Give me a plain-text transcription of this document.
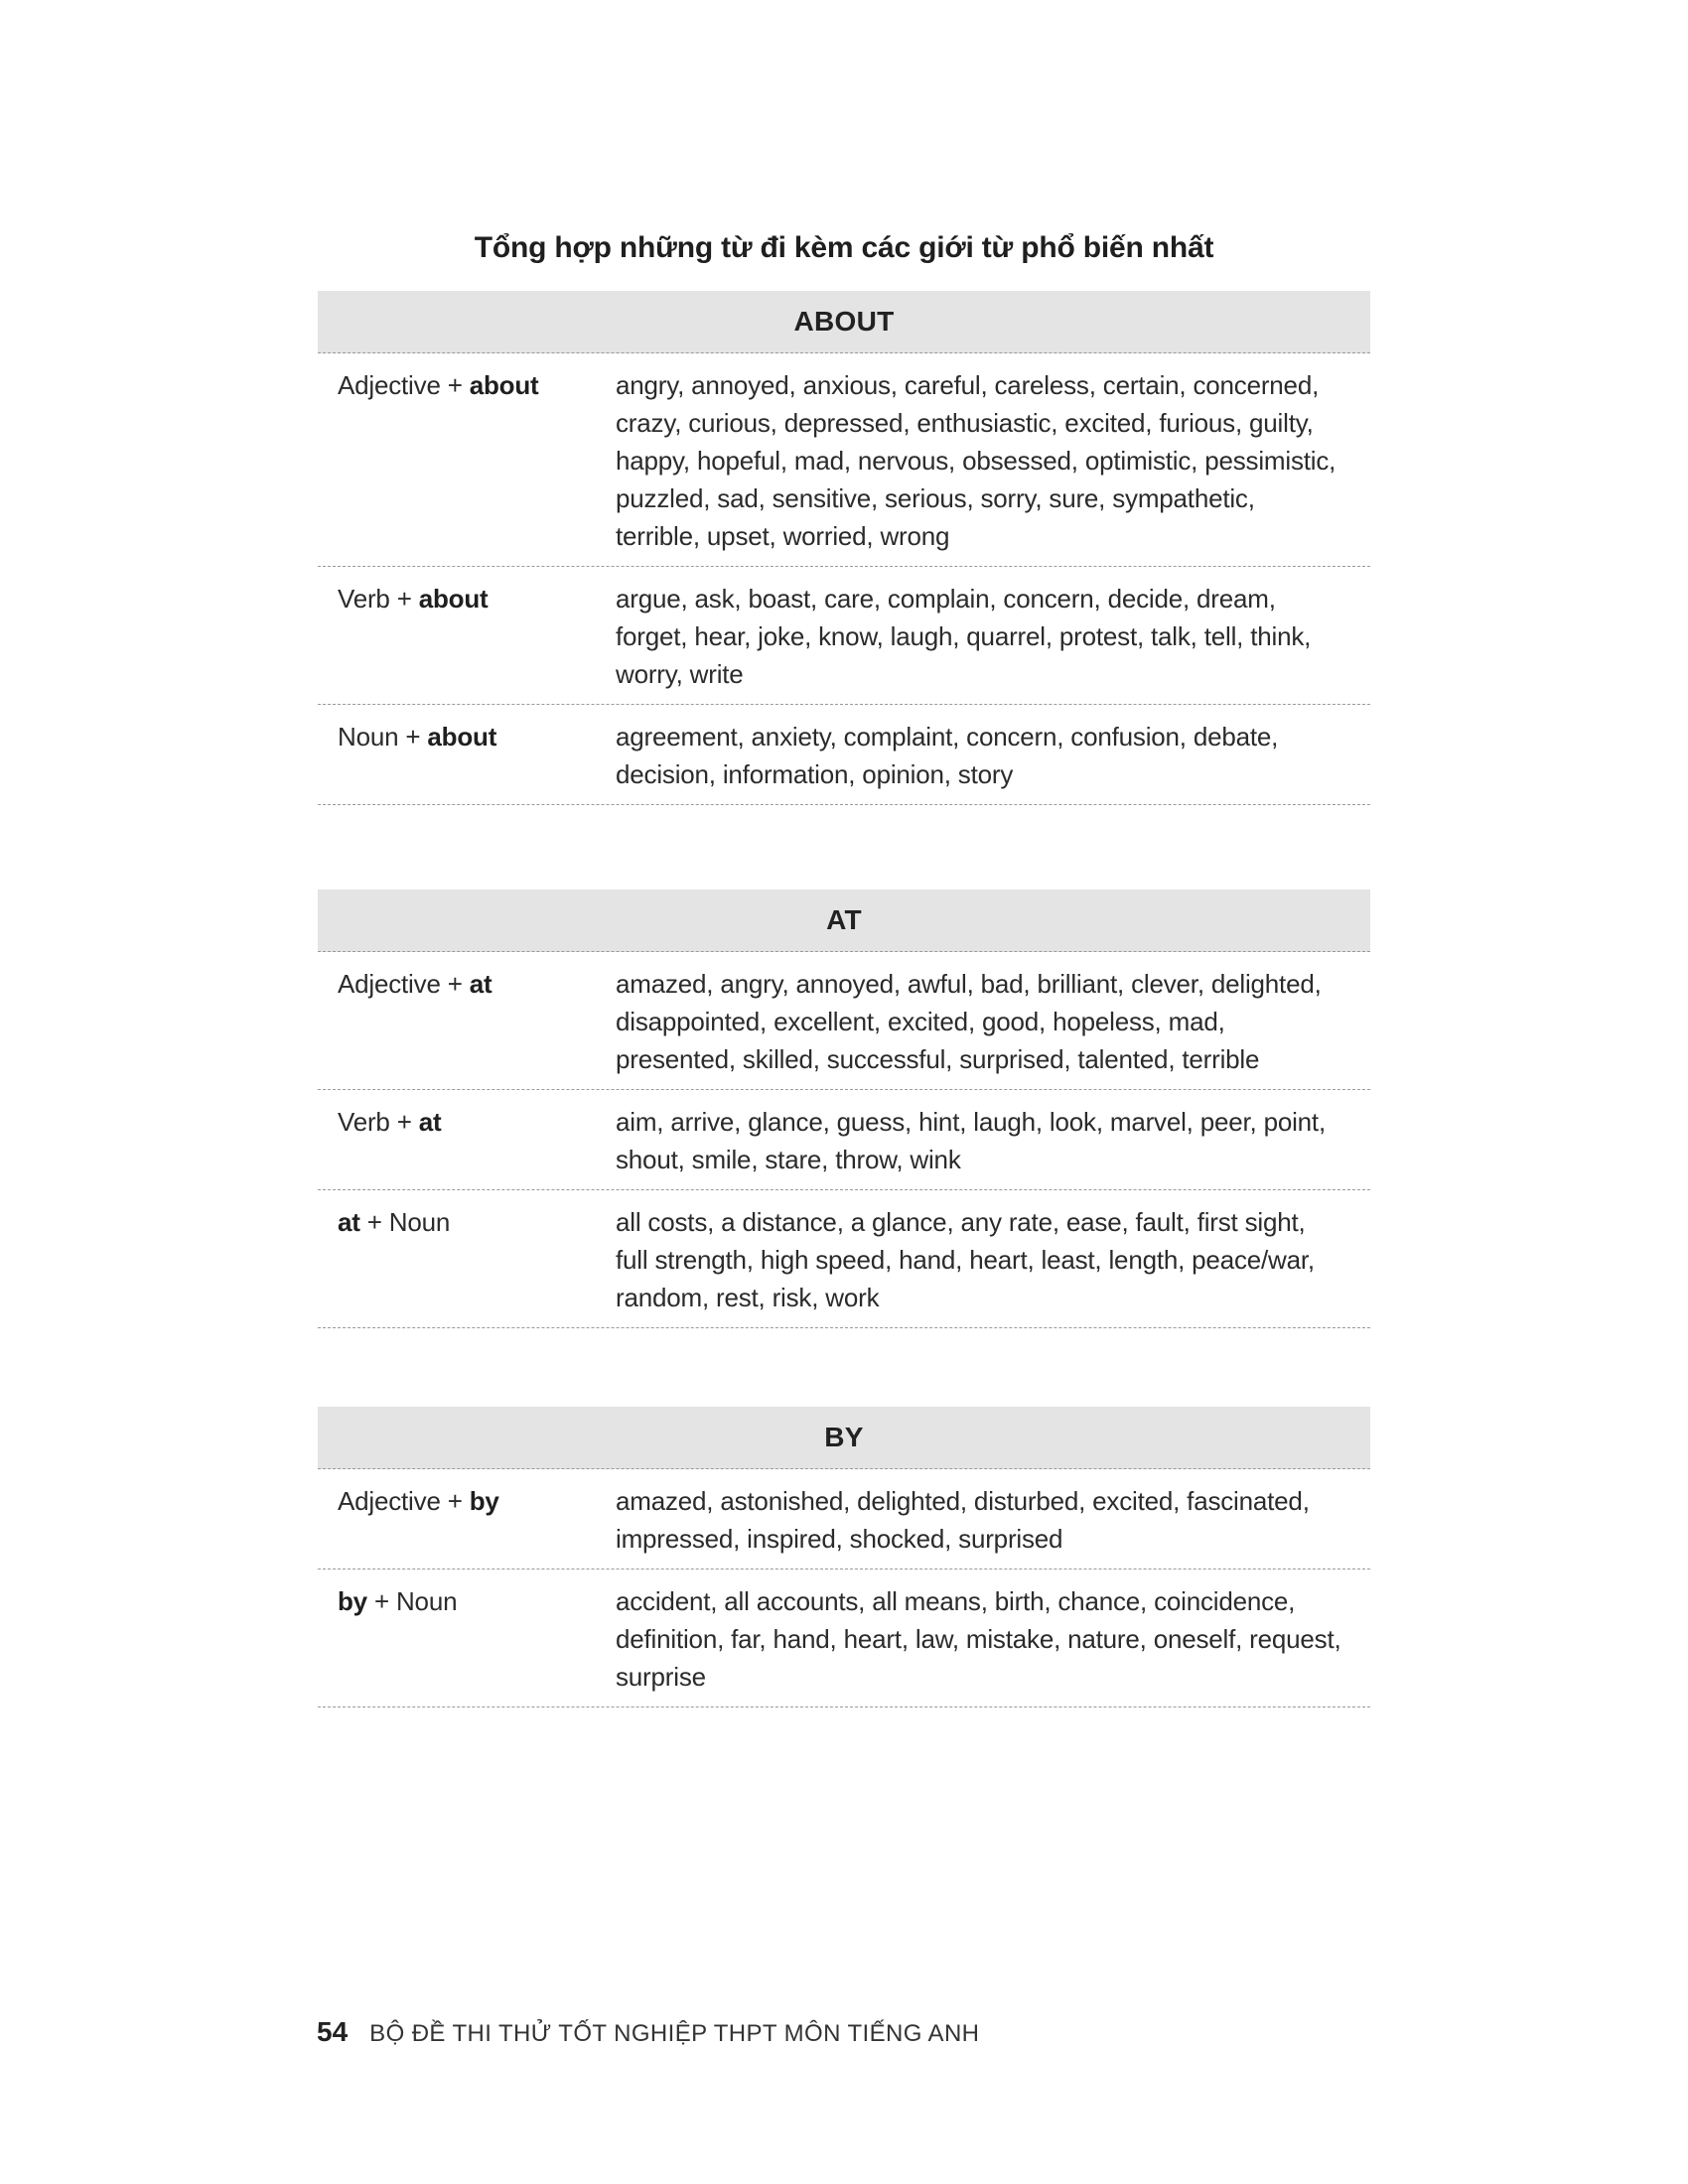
Tổng hợp những từ đi kèm các giới từ phổ biến nhất
ABOUT
Adjective + about	angry, annoyed, anxious, careful, careless, certain, concerned, crazy, curious, depressed, enthusiastic, excited, furious, guilty, happy, hopeful, mad, nervous, obsessed, optimistic, pessimistic, puzzled, sad, sensitive, serious, sorry, sure, sympathetic, terrible, upset, worried, wrong
Verb + about	argue, ask, boast, care, complain, concern, decide, dream, forget, hear, joke, know, laugh, quarrel, protest, talk, tell, think, worry, write
Noun + about	agreement, anxiety, complaint, concern, confusion, debate, decision, information, opinion, story
AT
Adjective + at	amazed, angry, annoyed, awful, bad, brilliant, clever, delighted, disappointed, excellent, excited, good, hopeless, mad, presented, skilled, successful, surprised, talented, terrible
Verb + at	aim, arrive, glance, guess, hint, laugh, look, marvel, peer, point, shout, smile, stare, throw, wink
at + Noun	all costs, a distance, a glance, any rate, ease, fault, first sight, full strength, high speed, hand, heart, least, length, peace/war, random, rest, risk, work
BY
Adjective + by	amazed, astonished, delighted, disturbed, excited, fascinated, impressed, inspired, shocked, surprised
by + Noun	accident, all accounts, all means, birth, chance, coincidence, definition, far, hand, heart, law, mistake, nature, oneself, request, surprise
54 BỘ ĐỀ THI THỬ TỐT NGHIỆP THPT MÔN TIẾNG ANH
